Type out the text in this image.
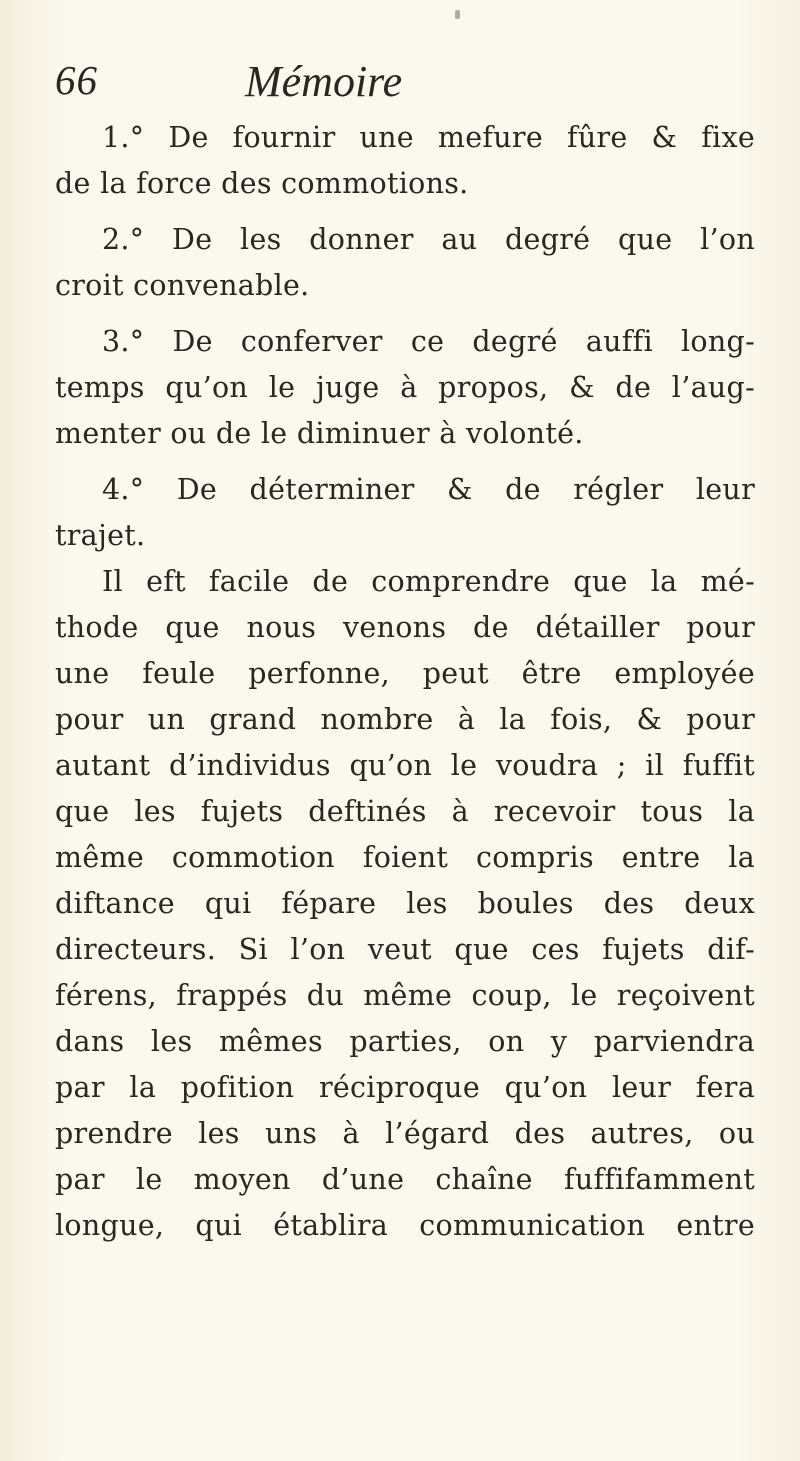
66	Mémoire
1.° De fournir une mefure fûre & fixe
de la force des commotions.
2.° De les donner au degré que l’on
croit convenable.
3.° De conferver ce degré auffi long-
temps qu’on le juge à propos, & de l’aug-
menter ou de le diminuer à volonté.
4.° De déterminer & de régler leur
trajet.
Il eft facile de comprendre que la mé-
thode que nous venons de détailler pour
une feule perfonne, peut être employée
pour un grand nombre à la fois, & pour
autant d’individus qu’on le voudra ; il fuffit
que les fujets deftinés à recevoir tous la
même commotion foient compris entre la
diftance qui fépare les boules des deux
directeurs. Si l’on veut que ces fujets dif-
férens, frappés du même coup, le reçoivent
dans les mêmes parties, on y parviendra
par la pofition réciproque qu’on leur fera
prendre les uns à l’égard des autres, ou
par le moyen d’une chaîne fuffifamment
longue, qui établira communication entre
